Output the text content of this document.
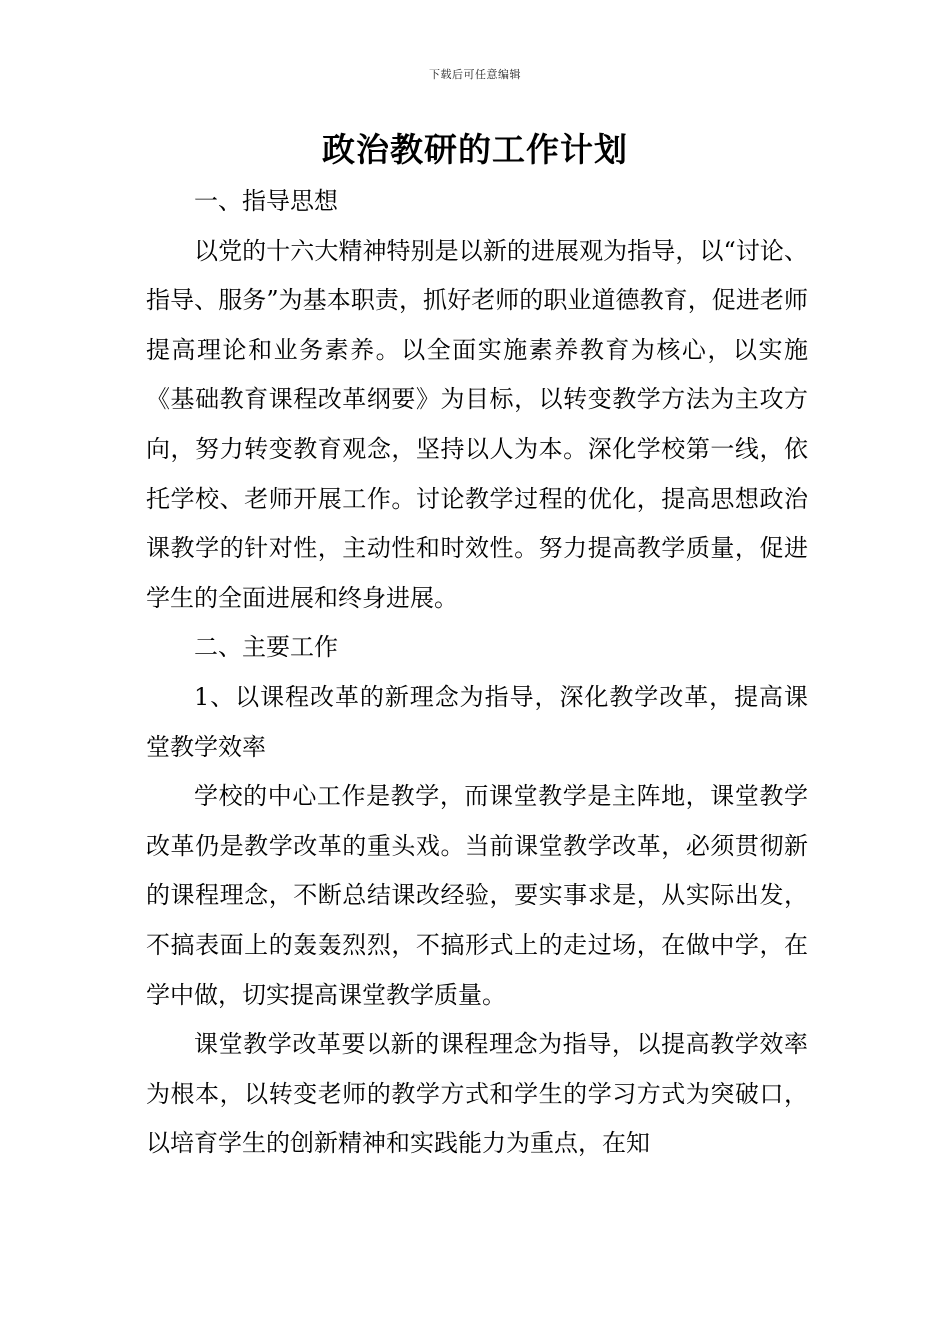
下载后可任意编辑
政治教研的工作计划

一、指导思想

以党的十六大精神特别是以新的进展观为指导，以“讨论、指导、服务”为基本职责，抓好老师的职业道德教育，促进老师提高理论和业务素养。以全面实施素养教育为核心，以实施《基础教育课程改革纲要》为目标，以转变教学方法为主攻方向，努力转变教育观念，坚持以人为本。深化学校第一线，依托学校、老师开展工作。讨论教学过程的优化，提高思想政治课教学的针对性，主动性和时效性。努力提高教学质量，促进学生的全面进展和终身进展。

二、主要工作

1、以课程改革的新理念为指导，深化教学改革，提高课堂教学效率

学校的中心工作是教学，而课堂教学是主阵地，课堂教学改革仍是教学改革的重头戏。当前课堂教学改革，必须贯彻新的课程理念，不断总结课改经验，要实事求是，从实际出发，不搞表面上的轰轰烈烈，不搞形式上的走过场，在做中学，在学中做，切实提高课堂教学质量。

课堂教学改革要以新的课程理念为指导，以提高教学效率为根本，以转变老师的教学方式和学生的学习方式为突破口，以培育学生的创新精神和实践能力为重点，在知
